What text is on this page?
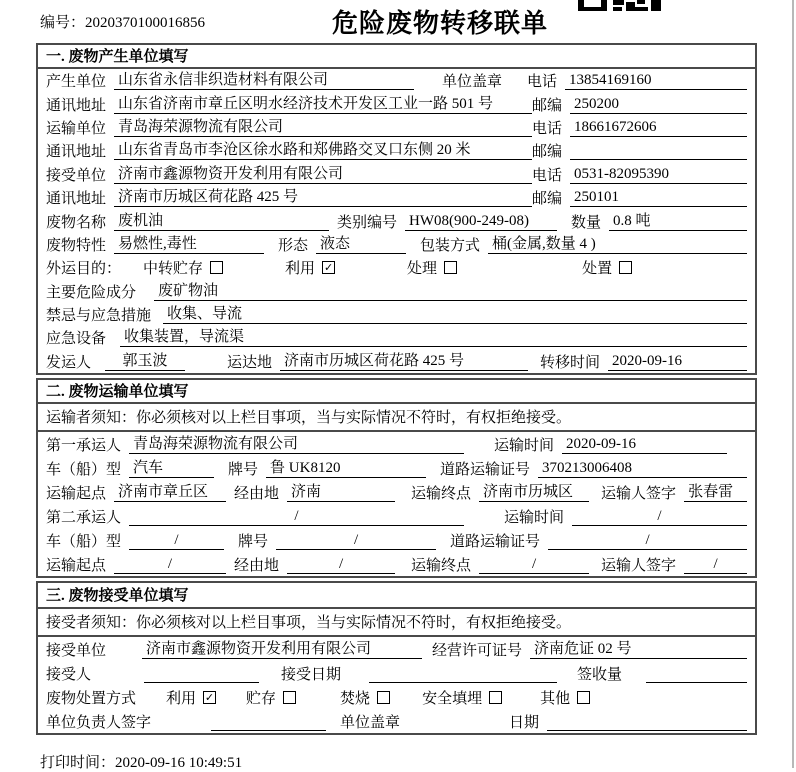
编号：2020370100016856	危险废物转移联单
一. 废物产生单位填写
产生单位 山东省永信非织造材料有限公司	单位盖章 电话 13854169160
通讯地址 山东省济南市章丘区明水经济技术开发区工业一路 501 号	邮编 250200
运输单位 青岛海荣源物流有限公司	电话 18661672606
通讯地址 山东省青岛市李沧区徐水路和郑佛路交叉口东侧 20 米	邮编
接受单位 济南市鑫源物资开发利用有限公司	电话 0531-82095390
通讯地址 济南市历城区荷花路 425 号	邮编 250101
废物名称 废机油	类别编号 HW08(900-249-08)	数量 0.8 吨
废物特性 易燃性,毒性	形态 液态	包装方式 桶(金属,数量 4 )
外运目的： 中转贮存	利用 ✓	处理	处置
主要危险成分 废矿物油
禁忌与应急措施 收集、导流
应急设备 收集装置，导流渠
发运人	郭玉波	运达地 济南市历城区荷花路 425 号	转移时间 2020-09-16
二. 废物运输单位填写
运输者须知：你必须核对以上栏目事项，当与实际情况不符时，有权拒绝接受。
第一承运人 青岛海荣源物流有限公司	运输时间 2020-09-16
车（船）型 汽车	牌号 鲁 UK8120	道路运输证号 370213006408
运输起点 济南市章丘区	经由地 济南	运输终点 济南市历城区	运输人签字 张春雷
第二承运人	/	运输时间	/
车（船）型	/	牌号	/	道路运输证号	/
运输起点	/	经由地	/	运输终点	/	运输人签字	/
三. 废物接受单位填写
接受者须知：你必须核对以上栏目事项，当与实际情况不符时，有权拒绝接受。
接受单位	济南市鑫源物资开发利用有限公司	经营许可证号 济南危证 02 号
接受人	接受日期	签收量
废物处置方式 利用 ✓ 贮存	焚烧	安全填埋	其他
单位负责人签字	单位盖章	日期
打印时间：2020-09-16 10:49:51
